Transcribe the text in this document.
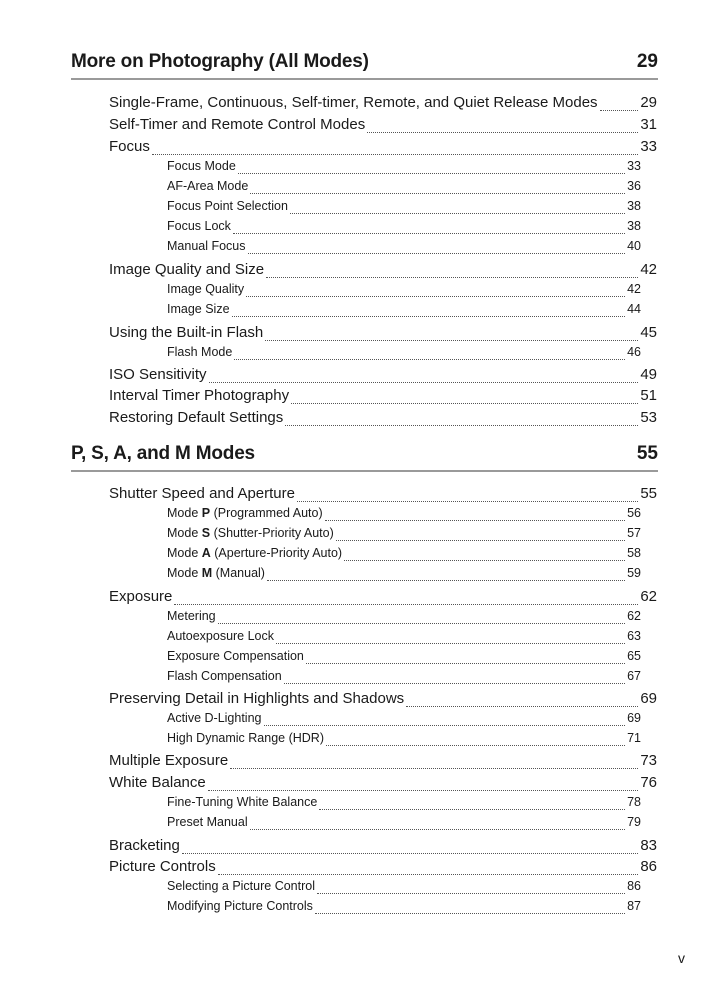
More on Photography (All Modes)	29
Single-Frame, Continuous, Self-timer, Remote, and Quiet Release Modes	29
Self-Timer and Remote Control Modes	31
Focus	33
Focus Mode	33
AF-Area Mode	36
Focus Point Selection	38
Focus Lock	38
Manual Focus	40
Image Quality and Size	42
Image Quality	42
Image Size	44
Using the Built-in Flash	45
Flash Mode	46
ISO Sensitivity	49
Interval Timer Photography	51
Restoring Default Settings	53
P, S, A, and M Modes	55
Shutter Speed and Aperture	55
Mode P (Programmed Auto)	56
Mode S (Shutter-Priority Auto)	57
Mode A (Aperture-Priority Auto)	58
Mode M (Manual)	59
Exposure	62
Metering	62
Autoexposure Lock	63
Exposure Compensation	65
Flash Compensation	67
Preserving Detail in Highlights and Shadows	69
Active D-Lighting	69
High Dynamic Range (HDR)	71
Multiple Exposure	73
White Balance	76
Fine-Tuning White Balance	78
Preset Manual	79
Bracketing	83
Picture Controls	86
Selecting a Picture Control	86
Modifying Picture Controls	87
v
